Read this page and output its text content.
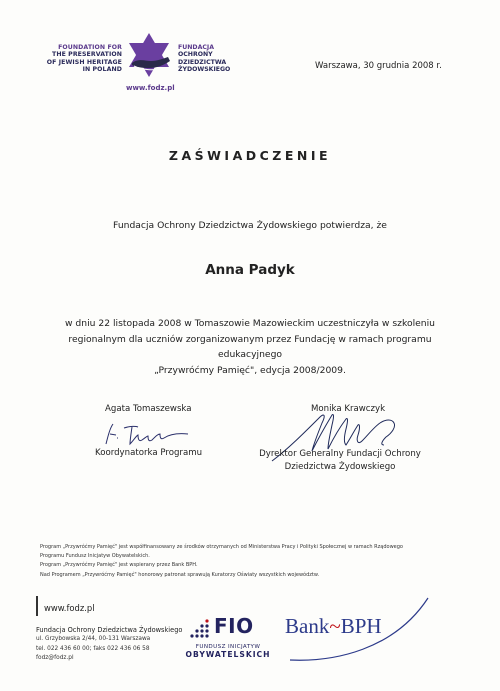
FOUNDATION FOR
THE PRESERVATION
OF JEWISH HERITAGE
IN POLAND
FUNDACJA
OCHRONY
DZIEDZICTWA
ŻYDOWSKIEGO
www.fodz.pl
Warszawa, 30 grudnia 2008 r.
ZAŚWIADCZENIE
Fundacja Ochrony Dziedzictwa Żydowskiego potwierdza, że
Anna Padyk
w dniu 22 listopada 2008 w Tomaszowie Mazowieckim uczestniczyła w szkoleniu
regionalnym dla uczniów zorganizowanym przez Fundację w ramach programu
edukacyjnego
„Przywróćmy Pamięć", edycja 2008/2009.
Agata Tomaszewska
Koordynatorka Programu
Monika Krawczyk
Dyrektor Generalny Fundacji Ochrony
Dziedzictwa Żydowskiego
Program „Przywróćmy Pamięć" jest współfinansowany ze środków otrzymanych od Ministerstwa Pracy i Polityki Społecznej w ramach Rządowego
Programu Fundusz Inicjatyw Obywatelskich.
Program „Przywróćmy Pamięć" jest wspierany przez Bank BPH.
Nad Programem „Przywróćmy Pamięć" honorowy patronat sprawują Kuratorzy Oświaty wszystkich województw.
www.fodz.pl
Fundacja Ochrony Dziedzictwa Żydowskiego
ul. Grzybowska 2/44, 00-131 Warszawa
tel. 022 436 60 00; faks 022 436 06 58
fodz@fodz.pl
FIO
FUNDUSZ INICJATYW
OBYWATELSKICH
Bank~BPH
